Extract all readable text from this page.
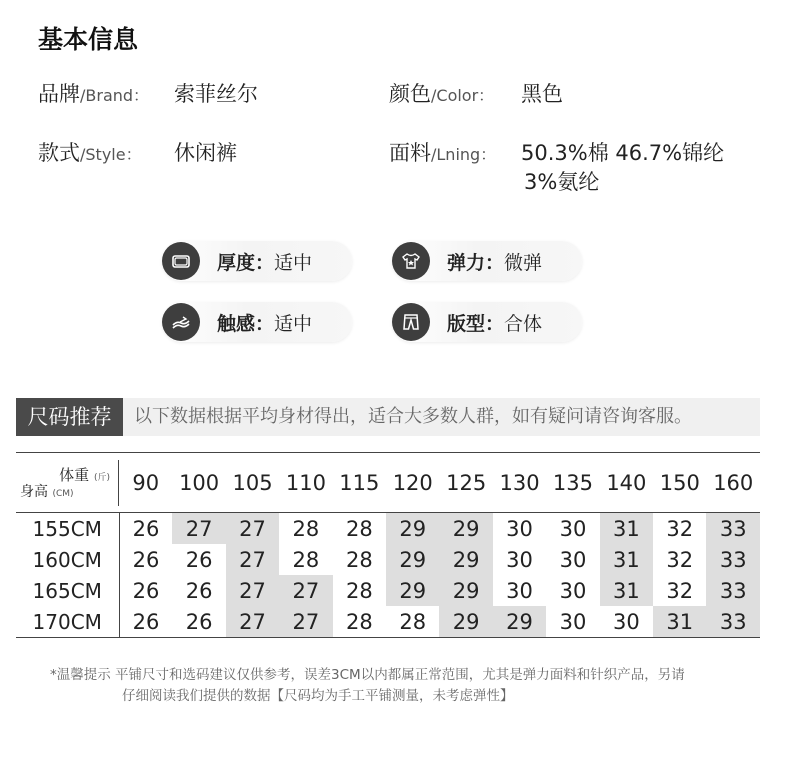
基本信息
品牌/Brand： 索菲丝尔	颜色/Color： 黑色
款式/Style： 休闲裤	面料/Lning： 50.3%棉 46.7%锦纶
3%氨纶
厚度：适中	弹力：微弹
触感：适中	版型：合体
尺码推荐	以下数据根据平均身材得出，适合大多数人群，如有疑问请咨询客服。
体重 (斤)
身高 (CM)	90	100	105	110	115	120	125	130	135	140	150	160
155CM	26	27	27	28	28	29	29	30	30	31	32	33
160CM	26	26	27	28	28	29	29	30	30	31	32	33
165CM	26	26	27	27	28	29	29	30	30	31	32	33
170CM	26	26	27	27	28	28	29	29	30	30	31	33
*温馨提示 平铺尺寸和选码建议仅供参考，误差3CM以内都属正常范围，尤其是弹力面料和针织产品，另请
仔细阅读我们提供的数据【尺码均为手工平铺测量，未考虑弹性】
